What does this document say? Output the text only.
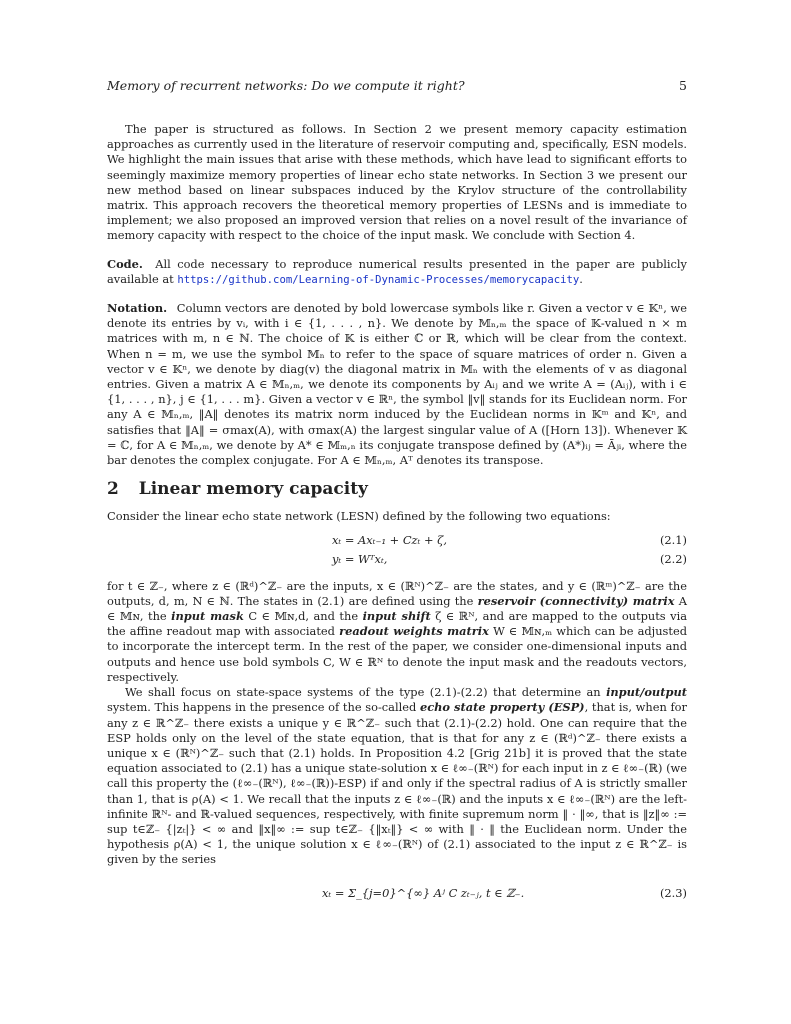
Memory of recurrent networks: Do we compute it right?	5

The paper is structured as follows. In Section 2 we present memory capacity estimation approaches as currently used in the literature of reservoir computing and, specifically, ESN models. We highlight the main issues that arise with these methods, which have lead to significant efforts to seemingly maximize memory properties of linear echo state networks. In Section 3 we present our new method based on linear subspaces induced by the Krylov structure of the controllability matrix. This approach recovers the theoretical memory properties of LESNs and is immediate to implement; we also proposed an improved version that relies on a novel result of the invariance of memory capacity with respect to the choice of the input mask. We conclude with Section 4.

Code. All code necessary to reproduce numerical results presented in the paper are publicly available at https://github.com/Learning-of-Dynamic-Processes/memorycapacity.

Notation. Column vectors are denoted by bold lowercase symbols like r. Given a vector v ∈ 𝕂ⁿ, we denote its entries by vᵢ, with i ∈ {1, . . . , n}. We denote by 𝕄ₙ,ₘ the space of 𝕂-valued n × m matrices with m, n ∈ ℕ. The choice of 𝕂 is either ℂ or ℝ, which will be clear from the context. When n = m, we use the symbol 𝕄ₙ to refer to the space of square matrices of order n. Given a vector v ∈ 𝕂ⁿ, we denote by diag(v) the diagonal matrix in 𝕄ₙ with the elements of v as diagonal entries. Given a matrix A ∈ 𝕄ₙ,ₘ, we denote its components by Aᵢⱼ and we write A = (Aᵢⱼ), with i ∈ {1, . . . , n}, j ∈ {1, . . . m}. Given a vector v ∈ ℝⁿ, the symbol ‖v‖ stands for its Euclidean norm. For any A ∈ 𝕄ₙ,ₘ, ‖A‖ denotes its matrix norm induced by the Euclidean norms in 𝕂ᵐ and 𝕂ⁿ, and satisfies that ‖A‖ = σmax(A), with σmax(A) the largest singular value of A ([Horn 13]). Whenever 𝕂 = ℂ, for A ∈ 𝕄ₙ,ₘ, we denote by A* ∈ 𝕄ₘ,ₙ its conjugate transpose defined by (A*)ᵢⱼ = Āⱼᵢ, where the bar denotes the complex conjugate. For A ∈ 𝕄ₙ,ₘ, Aᵀ denotes its transpose.

2 Linear memory capacity

Consider the linear echo state network (LESN) defined by the following two equations:

xₜ = Axₜ₋₁ + Czₜ + ζ,	(2.1)
yₜ = Wᵀxₜ,	(2.2)

for t ∈ ℤ₋, where z ∈ (ℝᵈ)^ℤ₋ are the inputs, x ∈ (ℝᴺ)^ℤ₋ are the states, and y ∈ (ℝᵐ)^ℤ₋ are the outputs, d, m, N ∈ ℕ. The states in (2.1) are defined using the reservoir (connectivity) matrix A ∈ 𝕄ɴ, the input mask C ∈ 𝕄ɴ,d, and the input shift ζ ∈ ℝᴺ, and are mapped to the outputs via the affine readout map with associated readout weights matrix W ∈ 𝕄ɴ,ₘ which can be adjusted to incorporate the intercept term. In the rest of the paper, we consider one-dimensional inputs and outputs and hence use bold symbols C, W ∈ ℝᴺ to denote the input mask and the readouts vectors, respectively.

We shall focus on state-space systems of the type (2.1)-(2.2) that determine an input/output system. This happens in the presence of the so-called echo state property (ESP), that is, when for any z ∈ ℝ^ℤ₋ there exists a unique y ∈ ℝ^ℤ₋ such that (2.1)-(2.2) hold. One can require that the ESP holds only on the level of the state equation, that is that for any z ∈ (ℝᵈ)^ℤ₋ there exists a unique x ∈ (ℝᴺ)^ℤ₋ such that (2.1) holds. In Proposition 4.2 [Grig 21b] it is proved that the state equation associated to (2.1) has a unique state-solution x ∈ ℓ∞₋(ℝᴺ) for each input in z ∈ ℓ∞₋(ℝ) (we call this property the (ℓ∞₋(ℝᴺ), ℓ∞₋(ℝ))-ESP) if and only if the spectral radius of A is strictly smaller than 1, that is ρ(A) < 1. We recall that the inputs z ∈ ℓ∞₋(ℝ) and the inputs x ∈ ℓ∞₋(ℝᴺ) are the left-infinite ℝᴺ- and ℝ-valued sequences, respectively, with finite supremum norm ‖ · ‖∞, that is ‖z‖∞ := sup t∈ℤ₋ {|zₜ|} < ∞ and ‖x‖∞ := sup t∈ℤ₋ {‖xₜ‖} < ∞ with ‖ · ‖ the Euclidean norm. Under the hypothesis ρ(A) < 1, the unique solution x ∈ ℓ∞₋(ℝᴺ) of (2.1) associated to the input z ∈ ℝ^ℤ₋ is given by the series

xₜ = Σ_{j=0}^{∞} Aʲ C zₜ₋ⱼ, t ∈ ℤ₋.	(2.3)
